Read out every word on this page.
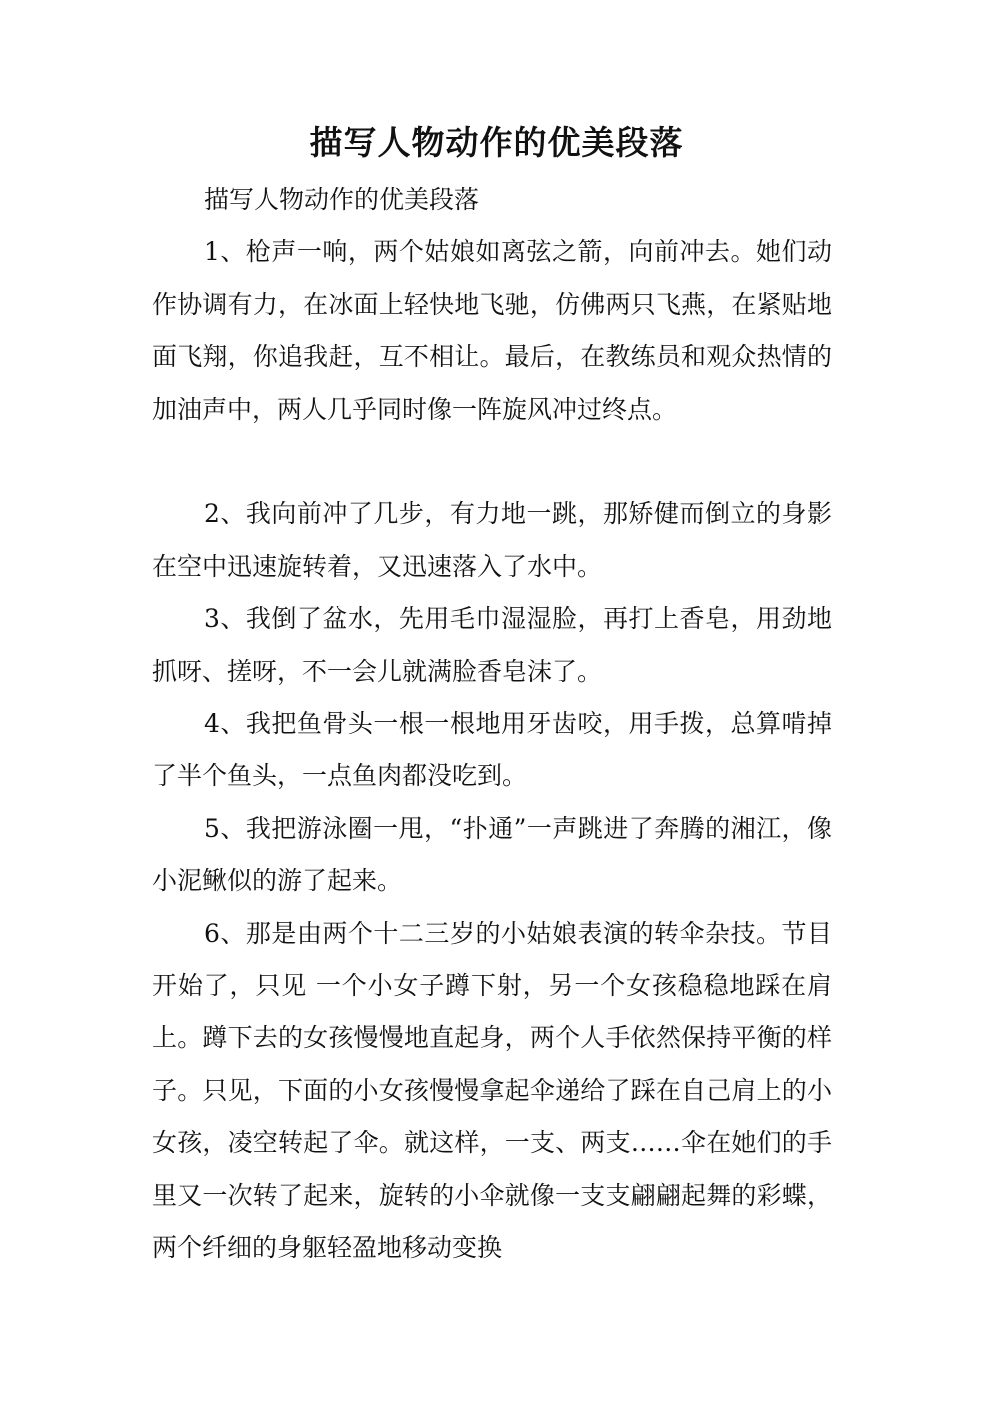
描写人物动作的优美段落

描写人物动作的优美段落

1、枪声一响，两个姑娘如离弦之箭，向前冲去。她们动作协调有力，在冰面上轻快地飞驰，仿佛两只飞燕，在紧贴地面飞翔，你追我赶，互不相让。最后，在教练员和观众热情的加油声中，两人几乎同时像一阵旋风冲过终点。

2、我向前冲了几步，有力地一跳，那矫健而倒立的身影在空中迅速旋转着，又迅速落入了水中。

3、我倒了盆水，先用毛巾湿湿脸，再打上香皂，用劲地抓呀、搓呀，不一会儿就满脸香皂沫了。

4、我把鱼骨头一根一根地用牙齿咬，用手拨，总算啃掉了半个鱼头，一点鱼肉都没吃到。

5、我把游泳圈一甩，“扑通”一声跳进了奔腾的湘江，像小泥鳅似的游了起来。

6、那是由两个十二三岁的小姑娘表演的转伞杂技。节目开始了，只见 一个小女子蹲下射，另一个女孩稳稳地踩在肩上。蹲下去的女孩慢慢地直起身，两个人手依然保持平衡的样子。只见，下面的小女孩慢慢拿起伞递给了踩在自己肩上的小女孩，凌空转起了伞。就这样，一支、两支……伞在她们的手里又一次转了起来，旋转的小伞就像一支支翩翩起舞的彩蝶，两个纤细的身躯轻盈地移动变换
